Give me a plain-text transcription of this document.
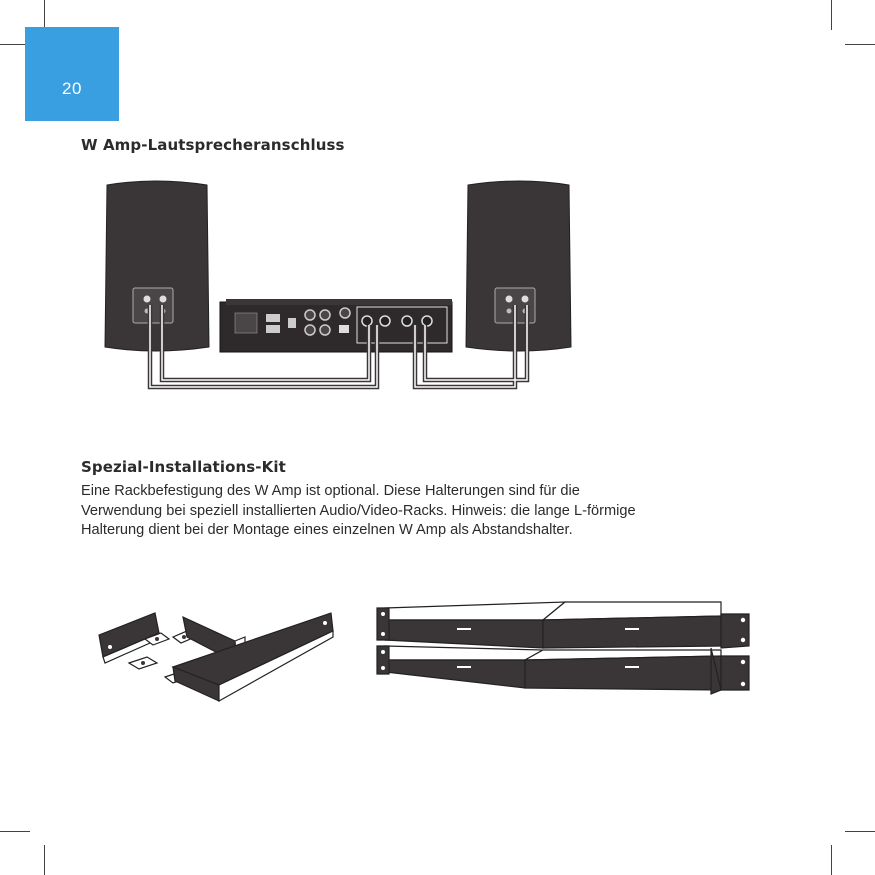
20
W Amp-Lautsprecheranschluss
Spezial-Installations-Kit
Eine Rackbefestigung des W Amp ist optional. Diese Halterungen sind für die
Verwendung bei speziell installierten Audio/Video-Racks. Hinweis: die lange L-förmige
Halterung dient bei der Montage eines einzelnen W Amp als Abstandshalter.
